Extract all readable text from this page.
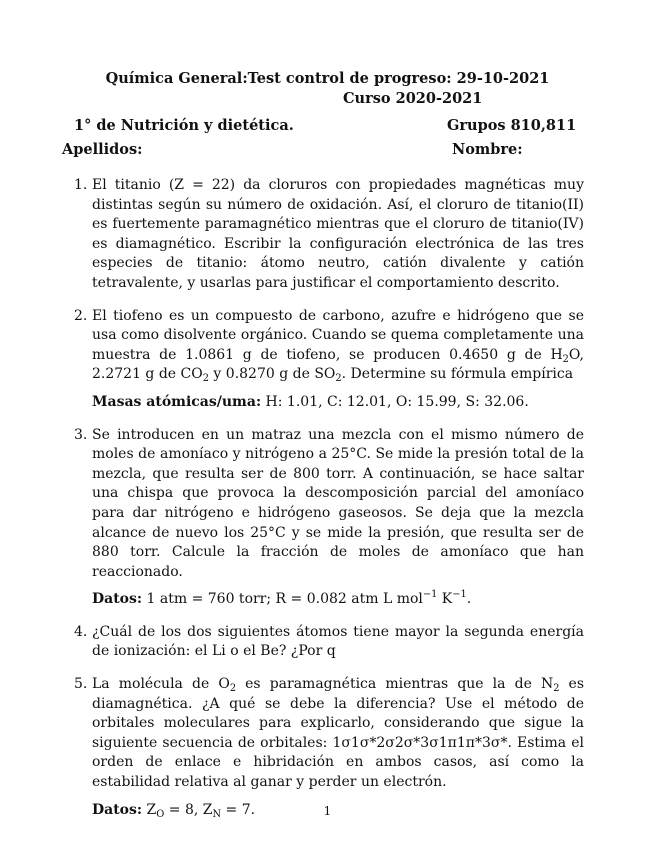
Química General:Test control de progreso: 29-10-2021
Curso 2020-2021
1° de Nutrición y dietética.	Grupos 810,811
Apellidos:	Nombre:
1. El titanio (Z = 22) da cloruros con propiedades magnéticas muy distintas según su número de oxidación. Así, el cloruro de titanio(II) es fuertemente paramagnético mientras que el cloruro de titanio(IV) es diamagnético. Escribir la configuración electrónica de las tres especies de titanio: átomo neutro, catión divalente y catión tetravalente, y usarlas para justificar el comportamiento descrito.

2. El tiofeno es un compuesto de carbono, azufre e hidrógeno que se usa como disolvente orgánico. Cuando se quema completamente una muestra de 1.0861 g de tiofeno, se producen 0.4650 g de $H_2O$, 2.2721 g de $CO_2$ y 0.8270 g de $SO_2$. Determine su fórmula empírica

Masas atómicas/uma: H: 1.01, C: 12.01, O: 15.99, S: 32.06.

3. Se introducen en un matraz una mezcla con el mismo número de moles de amoníaco y nitrógeno a 25°C. Se mide la presión total de la mezcla, que resulta ser de 800 torr. A continuación, se hace saltar una chispa que provoca la descomposición parcial del amoníaco para dar nitrógeno e hidrógeno gaseosos. Se deja que la mezcla alcance de nuevo los 25°C y se mide la presión, que resulta ser de 880 torr. Calcule la fracción de moles de amoníaco que han reaccionado.

Datos: 1 atm = 760 torr; R = 0.082 atm L mol$^{-1}$ $K^{-1}$.

4. ¿Cuál de los dos siguientes átomos tiene mayor la segunda energía de ionización: el Li o el Be? ¿Por q

5. La molécula de $O_2$ es paramagnética mientras que la de $N_2$ es diamagnética. ¿A qué se debe la diferencia? Use el método de orbitales moleculares para explicarlo, considerando que sigue la siguiente secuencia de orbitales: 1σ1σ*2σ2σ*3σ1π1π*3σ*. Estima el orden de enlace e hibridación en ambos casos, así como la estabilidad relativa al ganar y perder un electrón.

Datos: $Z_O = 8$, $Z_N = 7$.	1
